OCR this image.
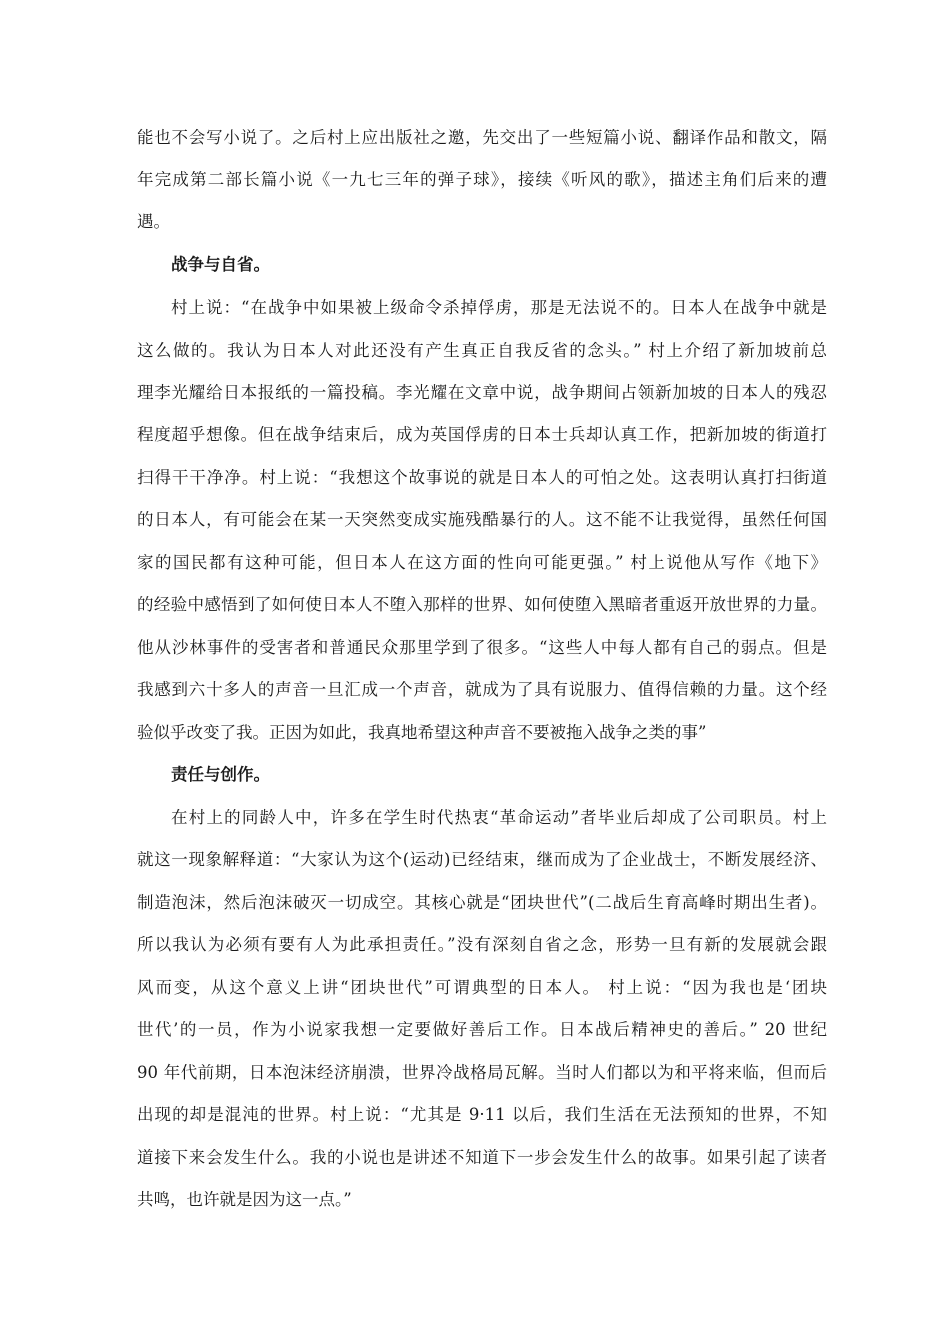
能也不会写小说了。之后村上应出版社之邀，先交出了一些短篇小说、翻译作品和散文，隔
年完成第二部长篇小说《一九七三年的弹子球》，接续《听风的歌》，描述主角们后来的遭
遇。
战争与自省。
村上说：“在战争中如果被上级命令杀掉俘虏，那是无法说不的。日本人在战争中就是
这么做的。我认为日本人对此还没有产生真正自我反省的念头。” 村上介绍了新加坡前总
理李光耀给日本报纸的一篇投稿。李光耀在文章中说，战争期间占领新加坡的日本人的残忍
程度超乎想像。但在战争结束后，成为英国俘虏的日本士兵却认真工作，把新加坡的街道打
扫得干干净净。村上说：“我想这个故事说的就是日本人的可怕之处。这表明认真打扫街道
的日本人，有可能会在某一天突然变成实施残酷暴行的人。这不能不让我觉得，虽然任何国
家的国民都有这种可能，但日本人在这方面的性向可能更强。” 村上说他从写作《地下》
的经验中感悟到了如何使日本人不堕入那样的世界、如何使堕入黑暗者重返开放世界的力量。
他从沙林事件的受害者和普通民众那里学到了很多。“这些人中每人都有自己的弱点。但是
我感到六十多人的声音一旦汇成一个声音，就成为了具有说服力、值得信赖的力量。这个经
验似乎改变了我。正因为如此，我真地希望这种声音不要被拖入战争之类的事”
责任与创作。
在村上的同龄人中，许多在学生时代热衷“革命运动”者毕业后却成了公司职员。村上
就这一现象解释道：“大家认为这个(运动)已经结束，继而成为了企业战士，不断发展经济、
制造泡沫，然后泡沫破灭一切成空。其核心就是“团块世代”(二战后生育高峰时期出生者)。
所以我认为必须有要有人为此承担责任。”没有深刻自省之念，形势一旦有新的发展就会跟
风而变，从这个意义上讲“团块世代”可谓典型的日本人。 村上说：“因为我也是‘团块
世代’的一员，作为小说家我想一定要做好善后工作。日本战后精神史的善后。” 20 世纪
90 年代前期，日本泡沫经济崩溃，世界冷战格局瓦解。当时人们都以为和平将来临，但而后
出现的却是混沌的世界。村上说：“尤其是 9·11 以后，我们生活在无法预知的世界，不知
道接下来会发生什么。我的小说也是讲述不知道下一步会发生什么的故事。如果引起了读者
共鸣，也许就是因为这一点。”
